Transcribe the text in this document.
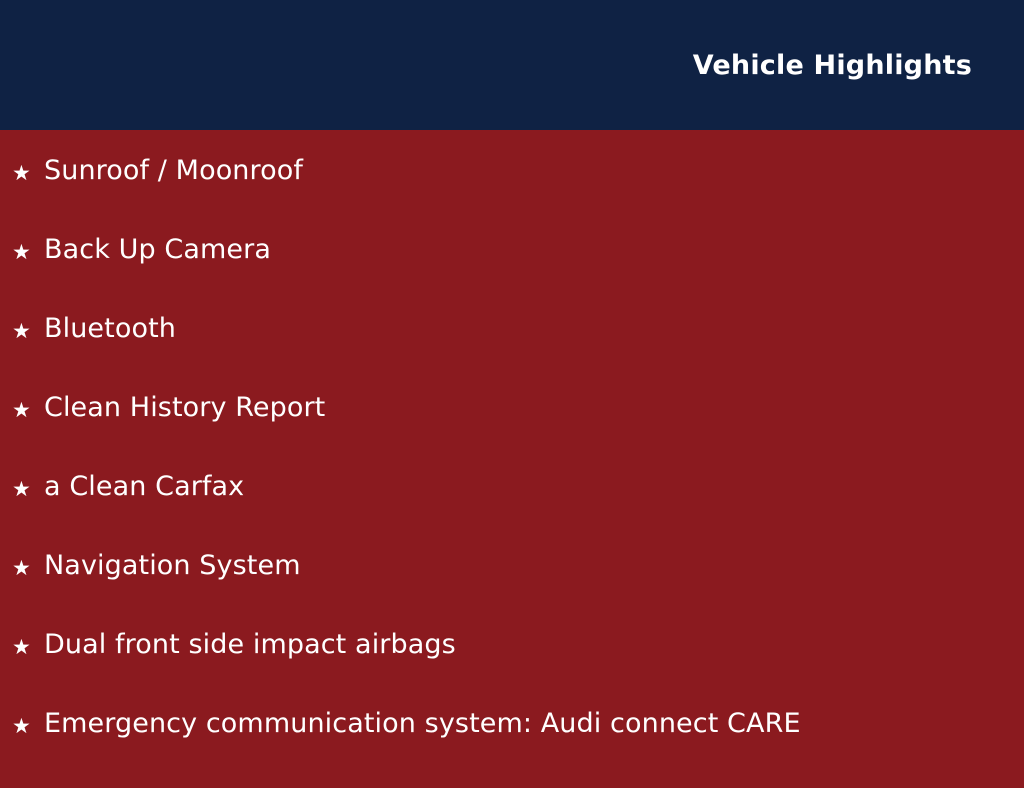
Vehicle Highlights
★ Sunroof / Moonroof
★ Back Up Camera
★ Bluetooth
★ Clean History Report
★ a Clean Carfax
★ Navigation System
★ Dual front side impact airbags
★ Emergency communication system: Audi connect CARE
